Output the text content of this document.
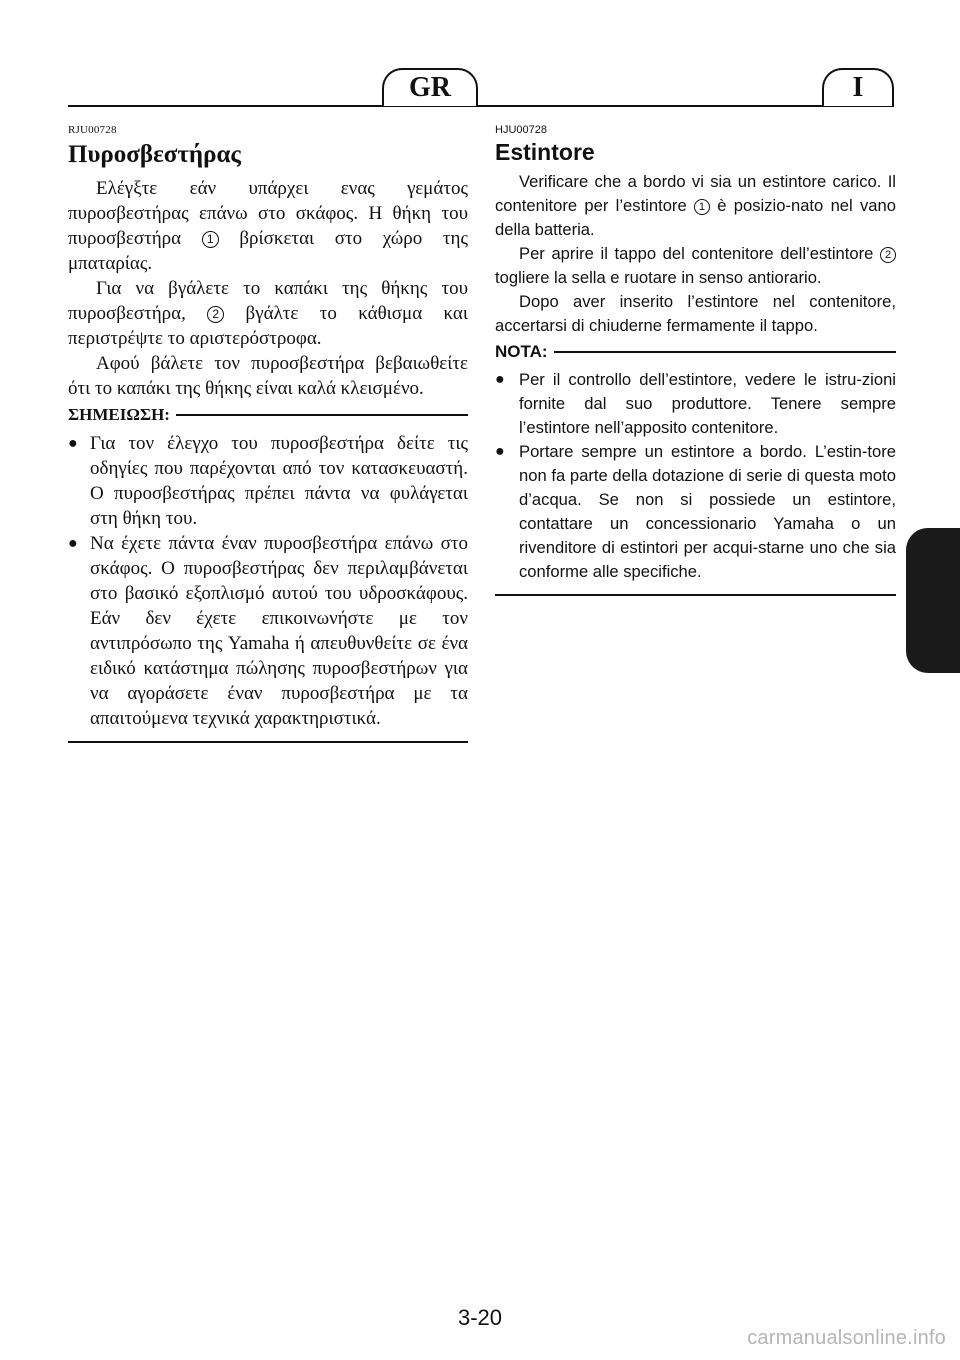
GR	I
RJU00728
Πυροσβεστήρας

Ελέγξτε εάν υπάρχει ενας γεμάτος πυροσβεστήρας επάνω στο σκάφος. Η θήκη του πυροσβεστήρα 1 βρίσκεται στο χώρο της μπαταρίας.

Για να βγάλετε το καπάκι της θήκης του πυροσβεστήρα, 2 βγάλτε το κάθισμα και περιστρέψτε το αριστερόστροφα.

Αφού βάλετε τον πυροσβεστήρα βεβαιωθείτε ότι το καπάκι της θήκης είναι καλά κλεισμένο.

ΣΗΜΕΙΩΣΗ:
● Για τον έλεγχο του πυροσβεστήρα δείτε τις οδηγίες που παρέχονται από τον κατασκευαστή. Ο πυροσβεστήρας πρέπει πάντα να φυλάγεται στη θήκη του.
● Να έχετε πάντα έναν πυροσβεστήρα επάνω στο σκάφος. Ο πυροσβεστήρας δεν περιλαμβάνεται στο βασικό εξοπλισμό αυτού του υδροσκάφους. Εάν δεν έχετε επικοινωνήστε με τον αντιπρόσωπο της Yamaha ή απευθυνθείτε σε ένα ειδικό κατάστημα πώλησης πυροσβεστήρων για να αγοράσετε έναν πυροσβεστήρα με τα απαιτούμενα τεχνικά χαρακτηριστικά.
HJU00728
Estintore

Verificare che a bordo vi sia un estintore carico. Il contenitore per l’estintore 1 è posizio-nato nel vano della batteria.

Per aprire il tappo del contenitore dell’estintore 2 togliere la sella e ruotare in senso antiorario.

Dopo aver inserito l’estintore nel contenitore, accertarsi di chiuderne fermamente il tappo.

NOTA:
● Per il controllo dell’estintore, vedere le istru-zioni fornite dal suo produttore. Tenere sempre l’estintore nell’apposito contenitore.
● Portare sempre un estintore a bordo. L’estin-tore non fa parte della dotazione di serie di questa moto d’acqua. Se non si possiede un estintore, contattare un concessionario Yamaha o un rivenditore di estintori per acqui-starne uno che sia conforme alle specifiche.
3-20
carmanualsonline.info
